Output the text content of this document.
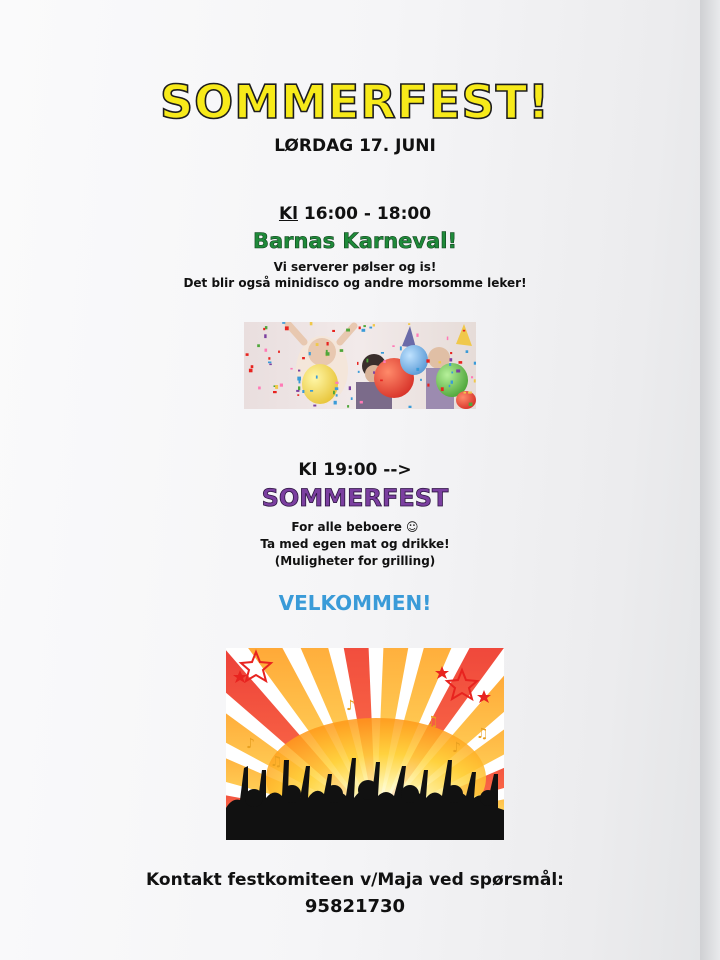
SOMMERFEST!
LØRDAG 17. JUNI
Kl 16:00 - 18:00
Barnas Karneval!
Vi serverer pølser og is!
Det blir også minidisco og andre morsomme leker!
Kl 19:00 -->
SOMMERFEST
For alle beboere ☺
Ta med egen mat og drikke!
(Muligheter for grilling)
VELKOMMEN!
♪
♫
♪
♫
♪
♫
Kontakt festkomiteen v/Maja ved spørsmål:
95821730
